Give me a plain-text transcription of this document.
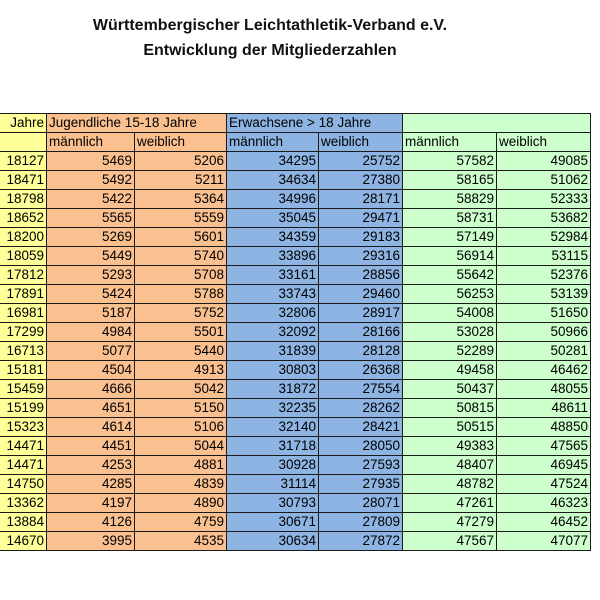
Württembergischer Leichtathletik-Verband e.V.
Entwicklung der Mitgliederzahlen
Jahre	Jugendliche 15-18 Jahre		Erwachsene > 18 Jahre			
	männlich	weiblich	männlich	weiblich	männlich	weiblich
18127	5469	5206	34295	25752	57582	49085
18471	5492	5211	34634	27380	58165	51062
18798	5422	5364	34996	28171	58829	52333
18652	5565	5559	35045	29471	58731	53682
18200	5269	5601	34359	29183	57149	52984
18059	5449	5740	33896	29316	56914	53115
17812	5293	5708	33161	28856	55642	52376
17891	5424	5788	33743	29460	56253	53139
16981	5187	5752	32806	28917	54008	51650
17299	4984	5501	32092	28166	53028	50966
16713	5077	5440	31839	28128	52289	50281
15181	4504	4913	30803	26368	49458	46462
15459	4666	5042	31872	27554	50437	48055
15199	4651	5150	32235	28262	50815	48611
15323	4614	5106	32140	28421	50515	48850
14471	4451	5044	31718	28050	49383	47565
14471	4253	4881	30928	27593	48407	46945
14750	4285	4839	31114	27935	48782	47524
13362	4197	4890	30793	28071	47261	46323
13884	4126	4759	30671	27809	47279	46452
14670	3995	4535	30634	27872	47567	47077
